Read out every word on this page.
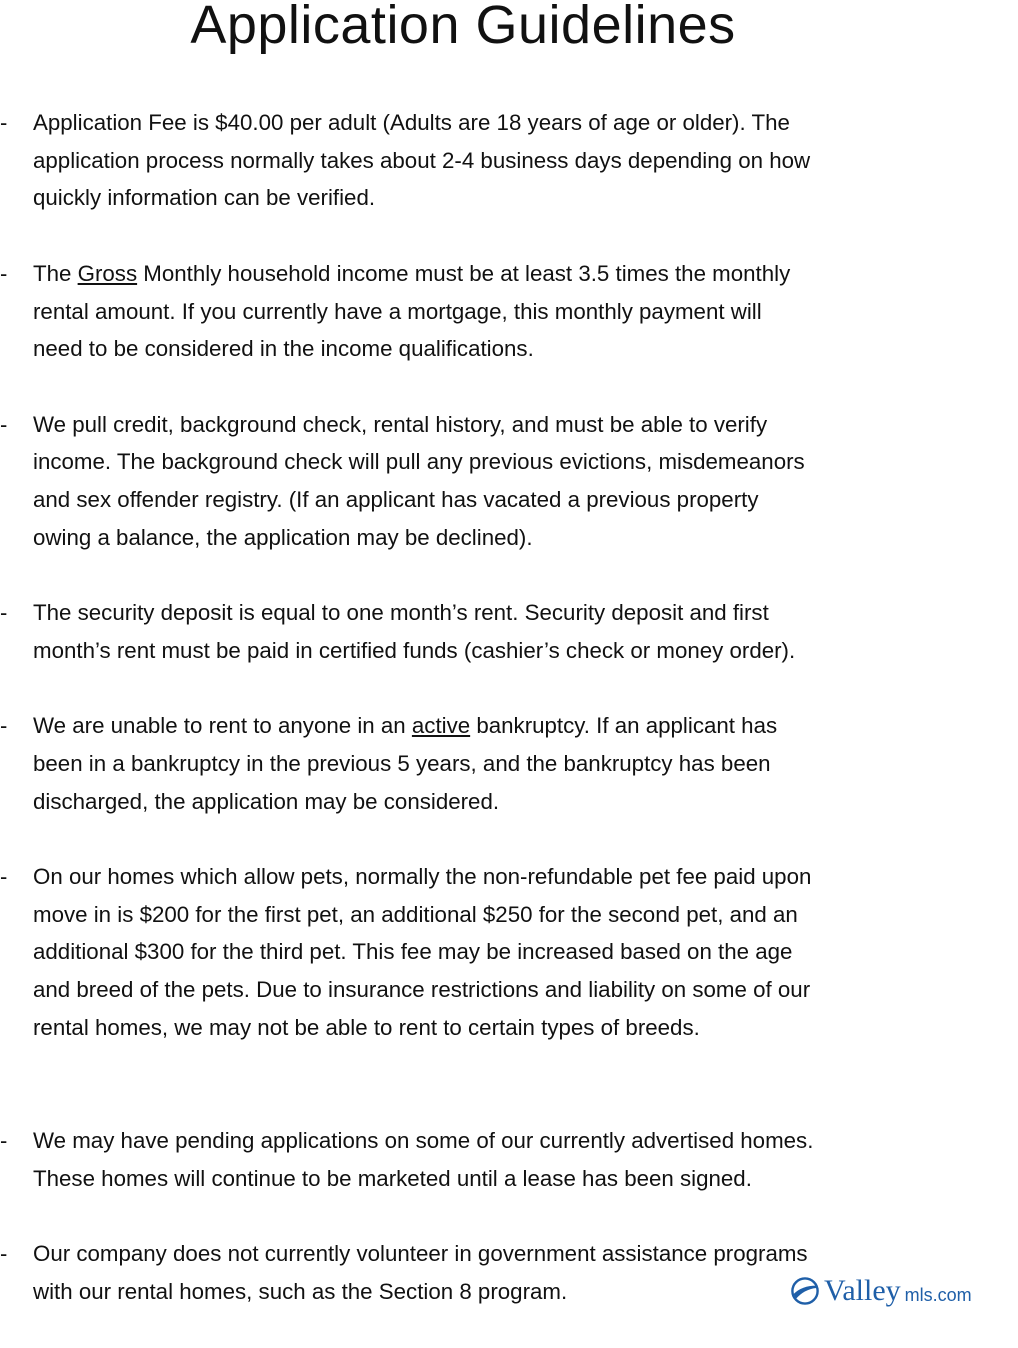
Application Guidelines
- Application Fee is $40.00 per adult (Adults are 18 years of age or older). The
application process normally takes about 2-4 business days depending on how
quickly information can be verified.
- The Gross Monthly household income must be at least 3.5 times the monthly
rental amount. If you currently have a mortgage, this monthly payment will
need to be considered in the income qualifications.
- We pull credit, background check, rental history, and must be able to verify
income. The background check will pull any previous evictions, misdemeanors
and sex offender registry. (If an applicant has vacated a previous property
owing a balance, the application may be declined).
- The security deposit is equal to one month’s rent. Security deposit and first
month’s rent must be paid in certified funds (cashier’s check or money order).
- We are unable to rent to anyone in an active bankruptcy. If an applicant has
been in a bankruptcy in the previous 5 years, and the bankruptcy has been
discharged, the application may be considered.
- On our homes which allow pets, normally the non-refundable pet fee paid upon
move in is $200 for the first pet, an additional $250 for the second pet, and an
additional $300 for the third pet. This fee may be increased based on the age
and breed of the pets. Due to insurance restrictions and liability on some of our
rental homes, we may not be able to rent to certain types of breeds.
- We may have pending applications on some of our currently advertised homes.
These homes will continue to be marketed until a lease has been signed.
- Our company does not currently volunteer in government assistance programs
with our rental homes, such as the Section 8 program.	Valley mls.com
